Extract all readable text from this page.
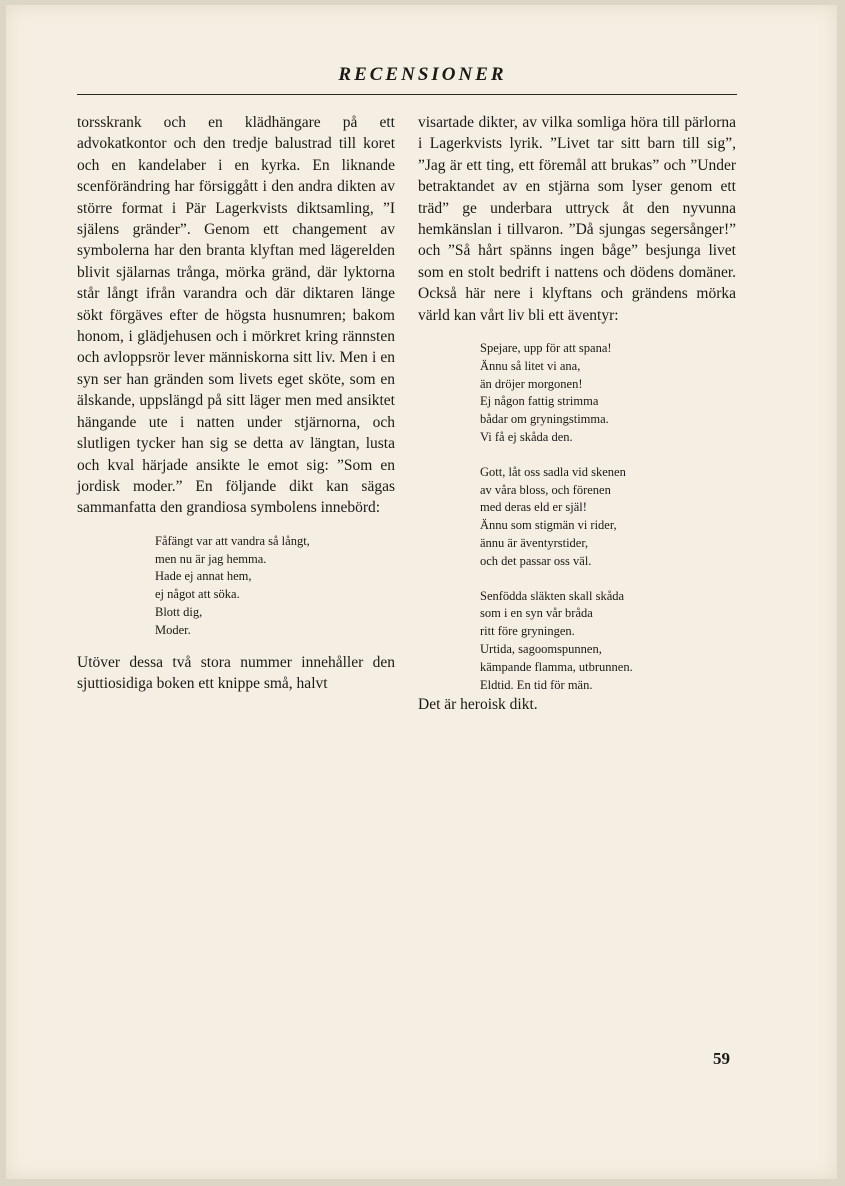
RECENSIONER

torsskrank och en klädhängare på ett advokatkontor och den tredje balustrad till koret och en kandelaber i en kyrka. En liknande scenförändring har försiggått i den andra dikten av större format i Pär Lagerkvists diktsamling, ”I själens gränder”. Genom ett changement av symbolerna har den branta klyftan med lägerelden blivit själarnas trånga, mörka gränd, där lyktorna står långt ifrån varandra och där diktaren länge sökt förgäves efter de högsta husnumren; bakom honom, i glädjehusen och i mörkret kring rännsten och avloppsrör lever människorna sitt liv. Men i en syn ser han gränden som livets eget sköte, som en älskande, uppslängd på sitt läger men med ansiktet hängande ute i natten under stjärnorna, och slutligen tycker han sig se detta av längtan, lusta och kval härjade ansikte le emot sig: ”Som en jordisk moder.” En följande dikt kan sägas sammanfatta den grandiosa symbolens innebörd:

Fåfängt var att vandra så långt,
men nu är jag hemma.
Hade ej annat hem,
ej något att söka.
Blott dig,
Moder.

Utöver dessa två stora nummer innehåller den sjuttiosidiga boken ett knippe små, halvt

visartade dikter, av vilka somliga höra till pärlorna i Lagerkvists lyrik. ”Livet tar sitt barn till sig”, ”Jag är ett ting, ett föremål att brukas” och ”Under betraktandet av en stjärna som lyser genom ett träd” ge underbara uttryck åt den nyvunna hemkänslan i tillvaron. ”Då sjungas segersånger!” och ”Så hårt spänns ingen båge” besjunga livet som en stolt bedrift i nattens och dödens domäner. Också här nere i klyftans och grändens mörka värld kan vårt liv bli ett äventyr:

Spejare, upp för att spana!
Ännu så litet vi ana,
än dröjer morgonen!
Ej någon fattig strimma
bådar om gryningstimma.
Vi få ej skåda den.
Gott, låt oss sadla vid skenen
av våra bloss, och förenen
med deras eld er själ!
Ännu som stigmän vi rider,
ännu är äventyrstider,
och det passar oss väl.
Senfödda släkten skall skåda
som i en syn vår bråda
ritt före gryningen.
Urtida, sagoomspunnen,
kämpande flamma, utbrunnen.
Eldtid. En tid för män.

Det är heroisk dikt.

59
